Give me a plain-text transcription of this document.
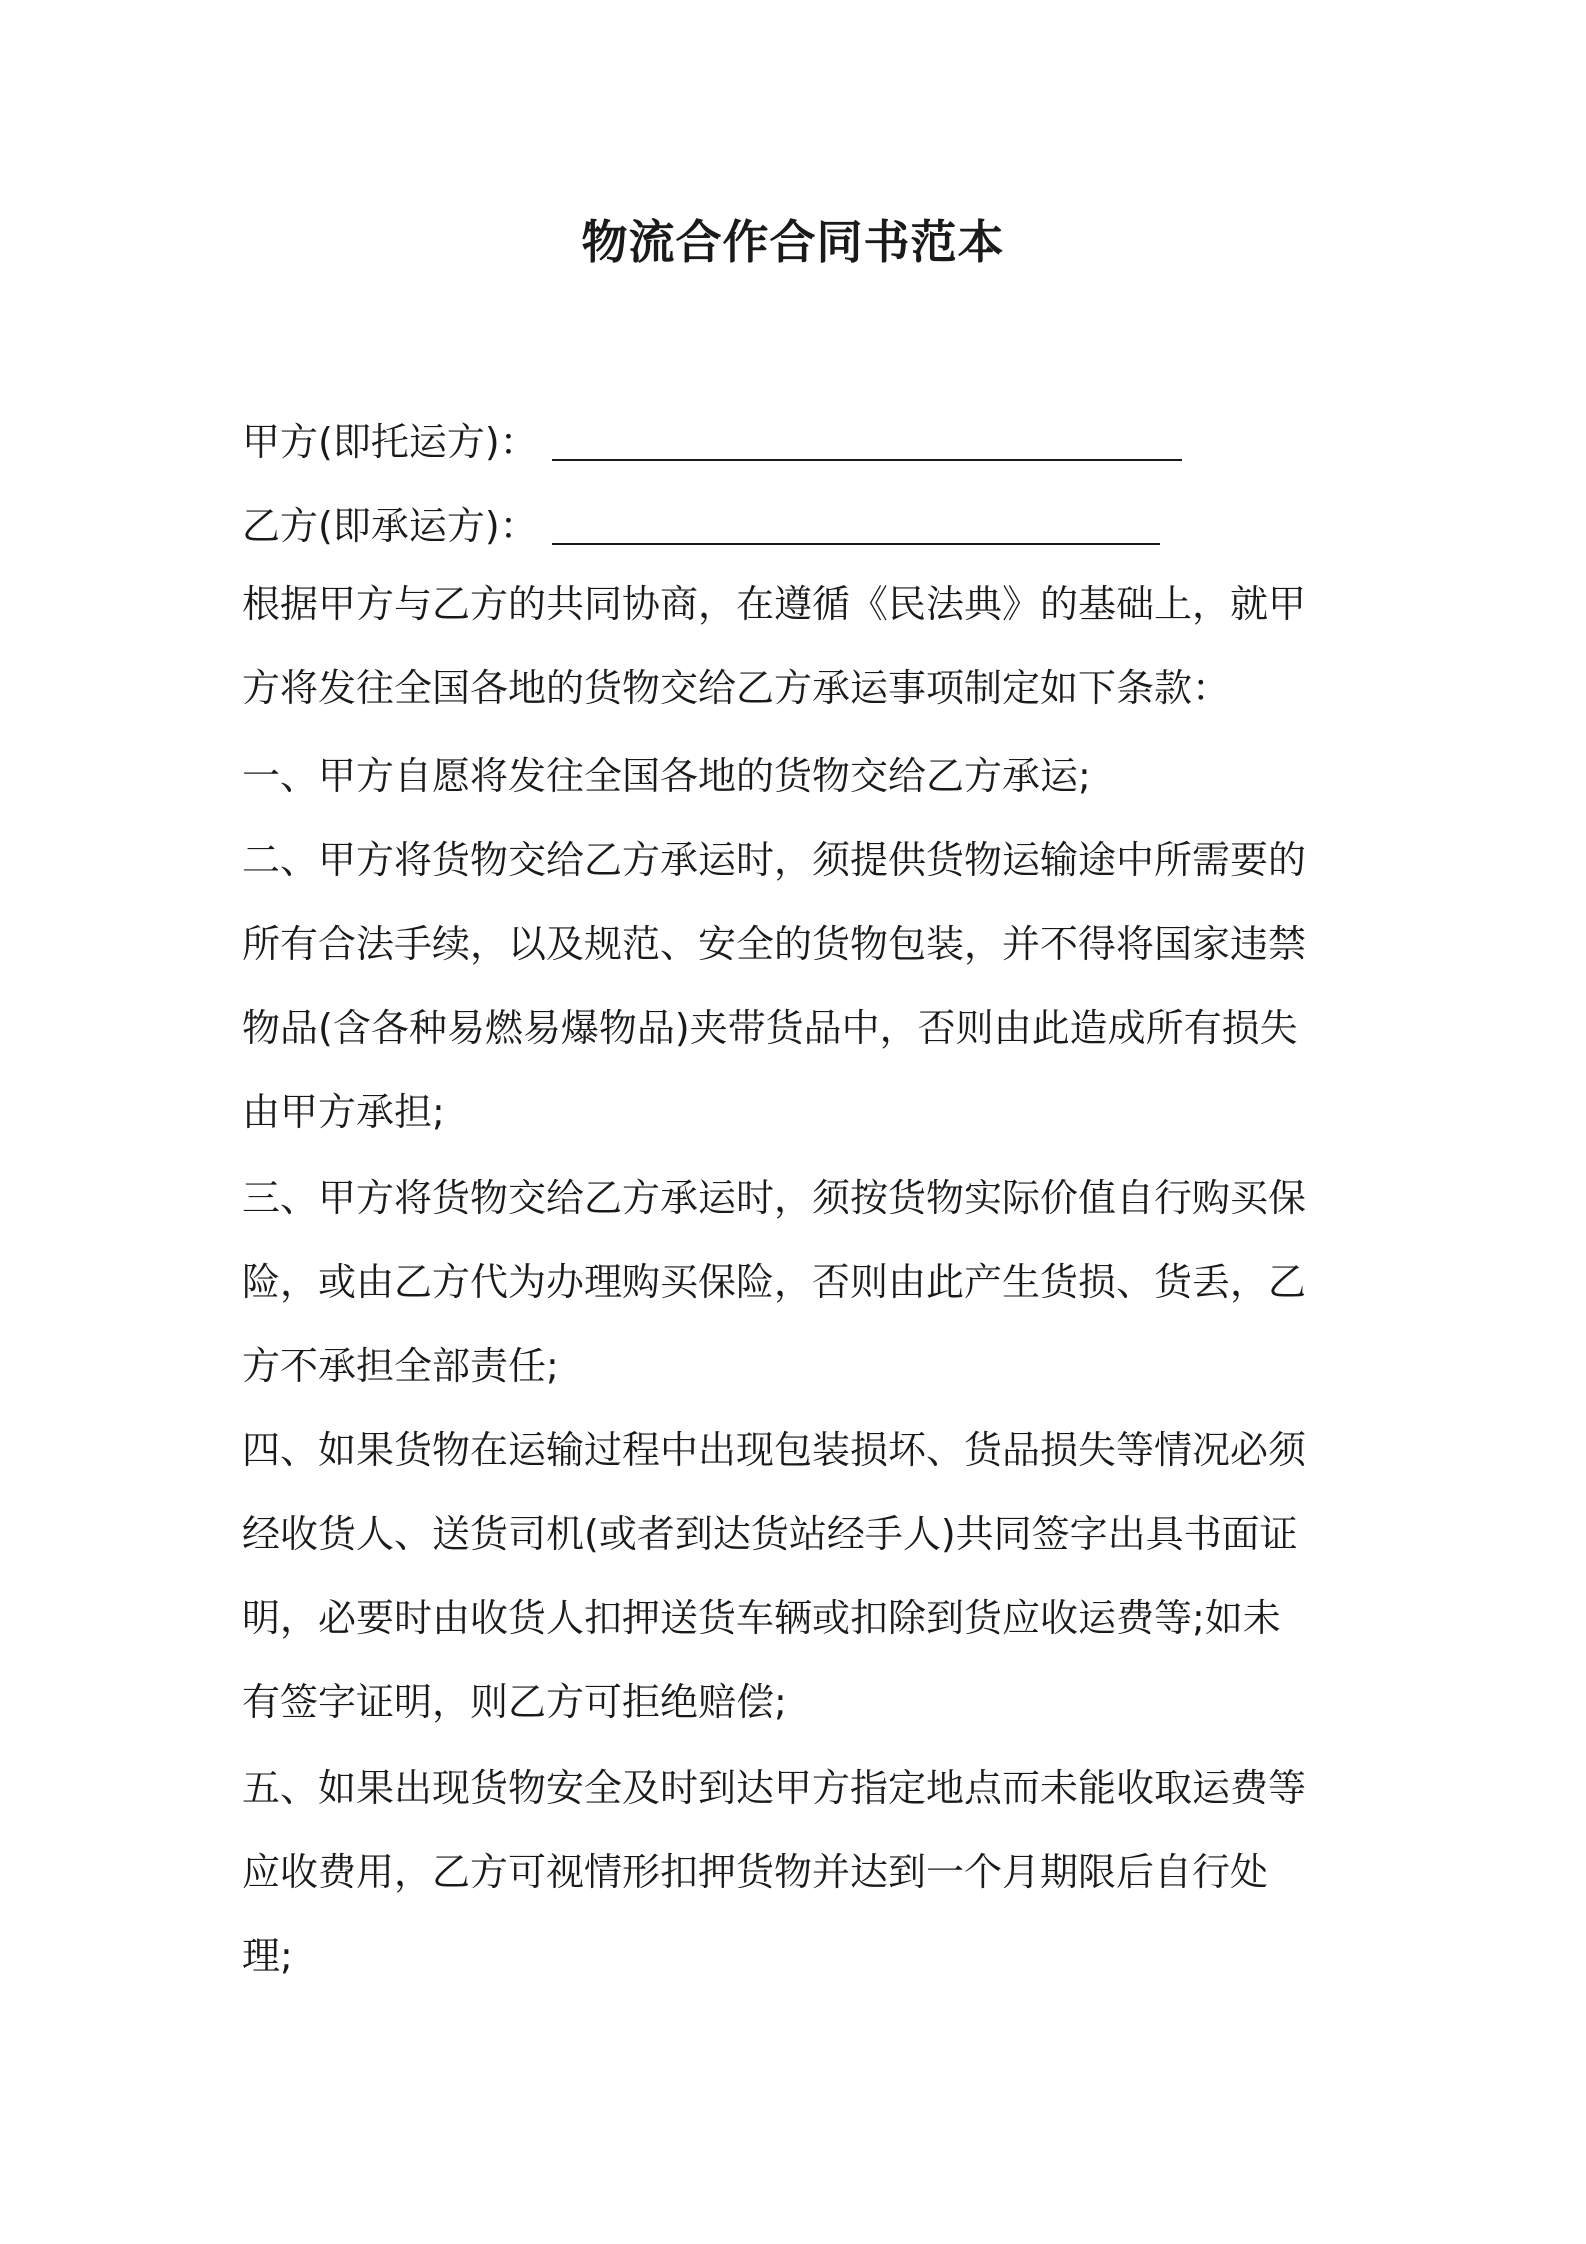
物流合作合同书范本
甲方(即托运方)：
乙方(即承运方)：
根据甲方与乙方的共同协商，在遵循《民法典》的基础上，就甲
方将发往全国各地的货物交给乙方承运事项制定如下条款：
一、甲方自愿将发往全国各地的货物交给乙方承运;
二、甲方将货物交给乙方承运时，须提供货物运输途中所需要的
所有合法手续，以及规范、安全的货物包装，并不得将国家违禁
物品(含各种易燃易爆物品)夹带货品中，否则由此造成所有损失
由甲方承担;
三、甲方将货物交给乙方承运时，须按货物实际价值自行购买保
险，或由乙方代为办理购买保险，否则由此产生货损、货丢，乙
方不承担全部责任;
四、如果货物在运输过程中出现包装损坏、货品损失等情况必须
经收货人、送货司机(或者到达货站经手人)共同签字出具书面证
明，必要时由收货人扣押送货车辆或扣除到货应收运费等;如未
有签字证明，则乙方可拒绝赔偿;
五、如果出现货物安全及时到达甲方指定地点而未能收取运费等
应收费用，乙方可视情形扣押货物并达到一个月期限后自行处
理;
